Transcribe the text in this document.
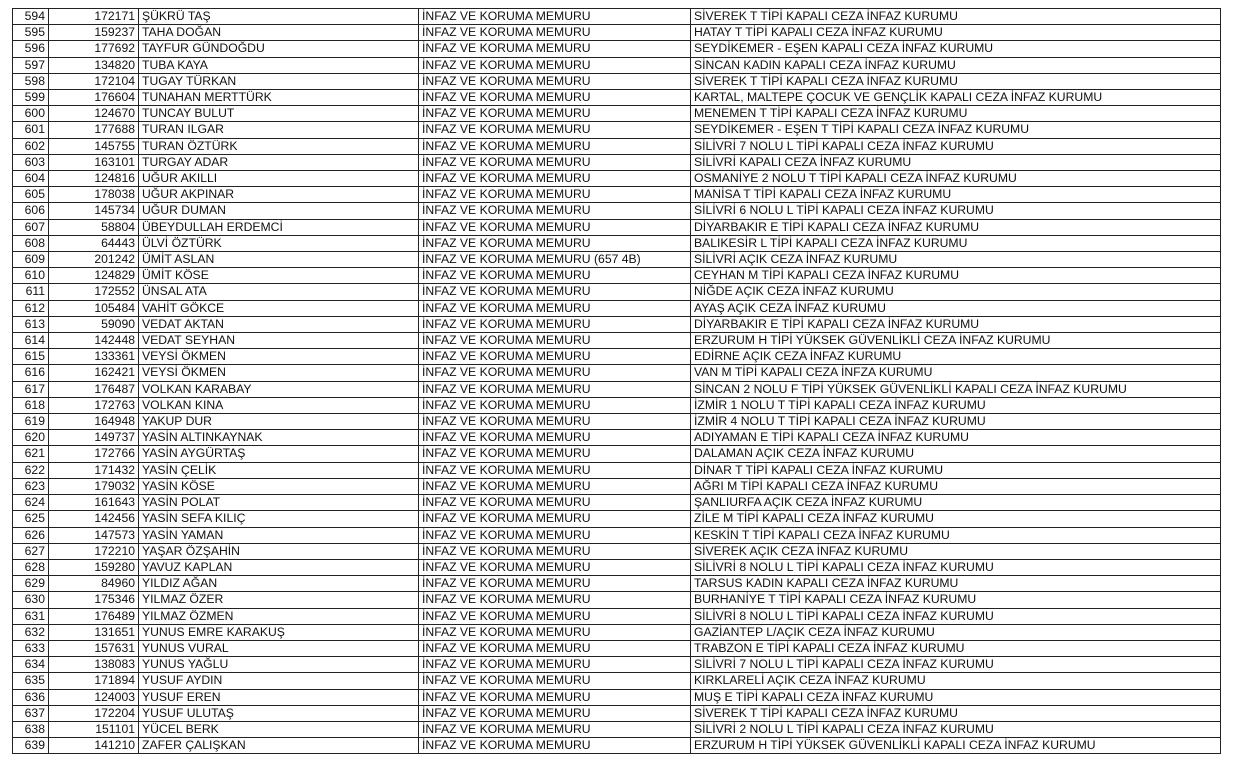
594	172171	ŞÜKRÜ TAŞ	İNFAZ VE KORUMA MEMURU	SİVEREK T TİPİ KAPALI CEZA İNFAZ KURUMU
595	159237	TAHA DOĞAN	İNFAZ VE KORUMA MEMURU	HATAY T TİPİ KAPALI CEZA İNFAZ KURUMU
596	177692	TAYFUR GÜNDOĞDU	İNFAZ VE KORUMA MEMURU	SEYDİKEMER - EŞEN KAPALI CEZA İNFAZ KURUMU
597	134820	TUBA KAYA	İNFAZ VE KORUMA MEMURU	SİNCAN KADIN KAPALI CEZA İNFAZ KURUMU
598	172104	TUGAY TÜRKAN	İNFAZ VE KORUMA MEMURU	SİVEREK T TİPİ KAPALI CEZA İNFAZ KURUMU
599	176604	TUNAHAN MERTTÜRK	İNFAZ VE KORUMA MEMURU	KARTAL, MALTEPE ÇOCUK VE GENÇLİK KAPALI CEZA İNFAZ KURUMU
600	124670	TUNCAY BULUT	İNFAZ VE KORUMA MEMURU	MENEMEN T TİPİ KAPALI CEZA İNFAZ KURUMU
601	177688	TURAN ILGAR	İNFAZ VE KORUMA MEMURU	SEYDİKEMER - EŞEN T TİPİ KAPALI CEZA İNFAZ KURUMU
602	145755	TURAN ÖZTÜRK	İNFAZ VE KORUMA MEMURU	SİLİVRİ 7 NOLU L TİPİ KAPALI CEZA İNFAZ KURUMU
603	163101	TURGAY ADAR	İNFAZ VE KORUMA MEMURU	SİLİVRİ KAPALI CEZA İNFAZ KURUMU
604	124816	UĞUR AKILLI	İNFAZ VE KORUMA MEMURU	OSMANİYE 2 NOLU T TİPİ KAPALI CEZA İNFAZ KURUMU
605	178038	UĞUR AKPINAR	İNFAZ VE KORUMA MEMURU	MANİSA T TİPİ KAPALI CEZA İNFAZ KURUMU
606	145734	UĞUR DUMAN	İNFAZ VE KORUMA MEMURU	SİLİVRİ 6 NOLU L TİPİ KAPALI CEZA İNFAZ KURUMU
607	58804	ÜBEYDULLAH ERDEMCİ	İNFAZ VE KORUMA MEMURU	DİYARBAKIR E TİPİ KAPALI CEZA İNFAZ KURUMU
608	64443	ÜLVİ ÖZTÜRK	İNFAZ VE KORUMA MEMURU	BALIKESİR L TİPİ KAPALI CEZA İNFAZ KURUMU
609	201242	ÜMİT ASLAN	İNFAZ VE KORUMA MEMURU (657 4B)	SİLİVRİ AÇIK CEZA İNFAZ KURUMU
610	124829	ÜMİT KÖSE	İNFAZ VE KORUMA MEMURU	CEYHAN M TİPİ KAPALI CEZA İNFAZ KURUMU
611	172552	ÜNSAL ATA	İNFAZ VE KORUMA MEMURU	NİĞDE AÇIK CEZA İNFAZ KURUMU
612	105484	VAHİT GÖKCE	İNFAZ VE KORUMA MEMURU	AYAŞ AÇIK CEZA İNFAZ KURUMU
613	59090	VEDAT AKTAN	İNFAZ VE KORUMA MEMURU	DİYARBAKIR E TİPİ KAPALI CEZA İNFAZ KURUMU
614	142448	VEDAT SEYHAN	İNFAZ VE KORUMA MEMURU	ERZURUM H TİPİ YÜKSEK GÜVENLİKLİ CEZA İNFAZ KURUMU
615	133361	VEYSİ ÖKMEN	İNFAZ VE KORUMA MEMURU	EDİRNE AÇIK CEZA İNFAZ KURUMU
616	162421	VEYSİ ÖKMEN	İNFAZ VE KORUMA MEMURU	VAN M TİPİ KAPALI CEZA İNFZA KURUMU
617	176487	VOLKAN KARABAY	İNFAZ VE KORUMA MEMURU	SİNCAN 2 NOLU F TİPİ YÜKSEK GÜVENLİKLİ KAPALI CEZA İNFAZ KURUMU
618	172763	VOLKAN KINA	İNFAZ VE KORUMA MEMURU	İZMİR 1 NOLU T TİPİ KAPALI CEZA İNFAZ KURUMU
619	164948	YAKUP DUR	İNFAZ VE KORUMA MEMURU	İZMİR 4 NOLU T TİPİ KAPALI CEZA İNFAZ KURUMU
620	149737	YASİN ALTINKAYNAK	İNFAZ VE KORUMA MEMURU	ADIYAMAN E TİPİ KAPALI CEZA İNFAZ KURUMU
621	172766	YASİN AYGÜRTAŞ	İNFAZ VE KORUMA MEMURU	DALAMAN AÇIK CEZA İNFAZ KURUMU
622	171432	YASİN ÇELİK	İNFAZ VE KORUMA MEMURU	DİNAR T TİPİ KAPALI CEZA İNFAZ KURUMU
623	179032	YASİN KÖSE	İNFAZ VE KORUMA MEMURU	AĞRI M TİPİ KAPALI CEZA İNFAZ KURUMU
624	161643	YASİN POLAT	İNFAZ VE KORUMA MEMURU	ŞANLIURFA AÇIK CEZA İNFAZ KURUMU
625	142456	YASİN SEFA KILIÇ	İNFAZ VE KORUMA MEMURU	ZİLE M TİPİ KAPALI CEZA İNFAZ KURUMU
626	147573	YASİN YAMAN	İNFAZ VE KORUMA MEMURU	KESKİN T TİPİ KAPALI CEZA İNFAZ KURUMU
627	172210	YAŞAR ÖZŞAHİN	İNFAZ VE KORUMA MEMURU	SİVEREK AÇIK CEZA İNFAZ KURUMU
628	159280	YAVUZ KAPLAN	İNFAZ VE KORUMA MEMURU	SİLİVRİ 8 NOLU L TİPİ KAPALI CEZA İNFAZ KURUMU
629	84960	YILDIZ AĞAN	İNFAZ VE KORUMA MEMURU	TARSUS KADIN KAPALI CEZA İNFAZ KURUMU
630	175346	YILMAZ ÖZER	İNFAZ VE KORUMA MEMURU	BURHANİYE T TİPİ KAPALI CEZA İNFAZ KURUMU
631	176489	YILMAZ ÖZMEN	İNFAZ VE KORUMA MEMURU	SİLİVRİ 8 NOLU L TİPİ KAPALI CEZA İNFAZ KURUMU
632	131651	YUNUS EMRE KARAKUŞ	İNFAZ VE KORUMA MEMURU	GAZİANTEP L/AÇIK CEZA İNFAZ KURUMU
633	157631	YUNUS VURAL	İNFAZ VE KORUMA MEMURU	TRABZON E TİPİ KAPALI CEZA İNFAZ KURUMU
634	138083	YUNUS YAĞLU	İNFAZ VE KORUMA MEMURU	SİLİVRİ 7 NOLU L TİPİ KAPALI CEZA İNFAZ KURUMU
635	171894	YUSUF AYDIN	İNFAZ VE KORUMA MEMURU	KIRKLARELİ AÇIK CEZA İNFAZ KURUMU
636	124003	YUSUF EREN	İNFAZ VE KORUMA MEMURU	MUŞ E TİPİ KAPALI CEZA İNFAZ KURUMU
637	172204	YUSUF ULUTAŞ	İNFAZ VE KORUMA MEMURU	SİVEREK T TİPİ KAPALI CEZA İNFAZ KURUMU
638	151101	YÜCEL BERK	İNFAZ VE KORUMA MEMURU	SİLİVRİ 2 NOLU L TİPİ KAPALI CEZA İNFAZ KURUMU
639	141210	ZAFER ÇALIŞKAN	İNFAZ VE KORUMA MEMURU	ERZURUM H TİPİ YÜKSEK GÜVENLİKLİ KAPALI CEZA İNFAZ KURUMU
